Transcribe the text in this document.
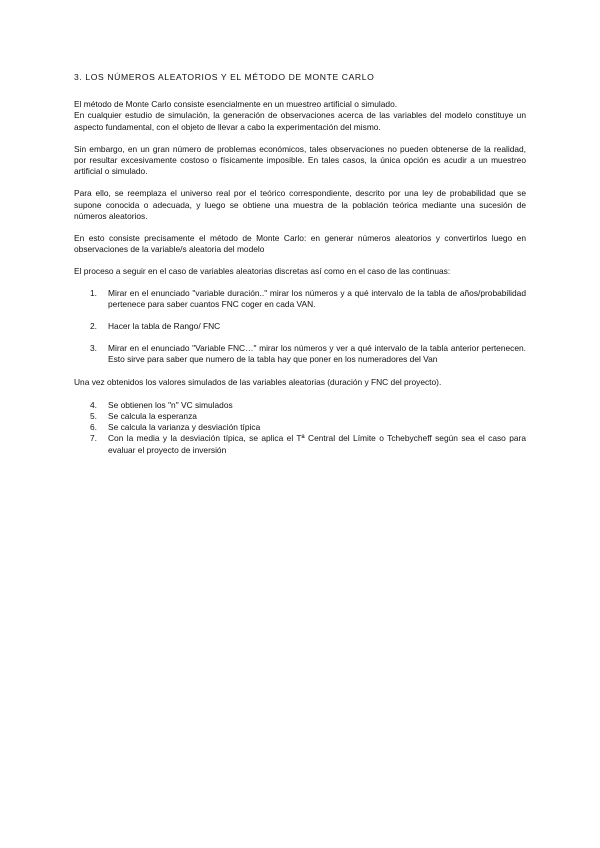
3. LOS NÚMEROS ALEATORIOS Y EL MÉTODO DE MONTE CARLO

El método de Monte Carlo consiste esencialmente en un muestreo artificial o simulado.
En cualquier estudio de simulación, la generación de observaciones acerca de las variables del modelo constituye un aspecto fundamental, con el objeto de llevar a cabo la experimentación del mismo.

Sin embargo, en un gran número de problemas económicos, tales observaciones no pueden obtenerse de la realidad, por resultar excesivamente costoso o físicamente imposible. En tales casos, la única opción es acudir a un muestreo artificial o simulado.

Para ello, se reemplaza el universo real por el teórico correspondiente, descrito por una ley de probabilidad que se supone conocida o adecuada, y luego se obtiene una muestra de la población teórica mediante una sucesión de números aleatorios.

En esto consiste precisamente el método de Monte Carlo: en generar números aleatorios y convertirlos luego en observaciones de la variable/s aleatoria del modelo

El proceso a seguir en el caso de variables aleatorias discretas así como en el caso de las continuas:

1. Mirar en el enunciado "variable duración.." mirar los números y a qué intervalo de la tabla de años/probabilidad pertenece para saber cuantos FNC coger en cada VAN.
2. Hacer la tabla de Rango/ FNC
3. Mirar en el enunciado "Variable FNC…" mirar los números y ver a qué intervalo de la tabla anterior pertenecen. Esto sirve para saber que numero de la tabla hay que poner en los numeradores del Van

Una vez obtenidos los valores simulados de las variables aleatorias (duración y FNC del proyecto).

4. Se obtienen los "n" VC simulados
5. Se calcula la esperanza
6. Se calcula la varianza y desviación típica
7. Con la media y la desviación típica, se aplica el Tª Central del Límite o Tchebycheff según sea el caso para evaluar el proyecto de inversión
